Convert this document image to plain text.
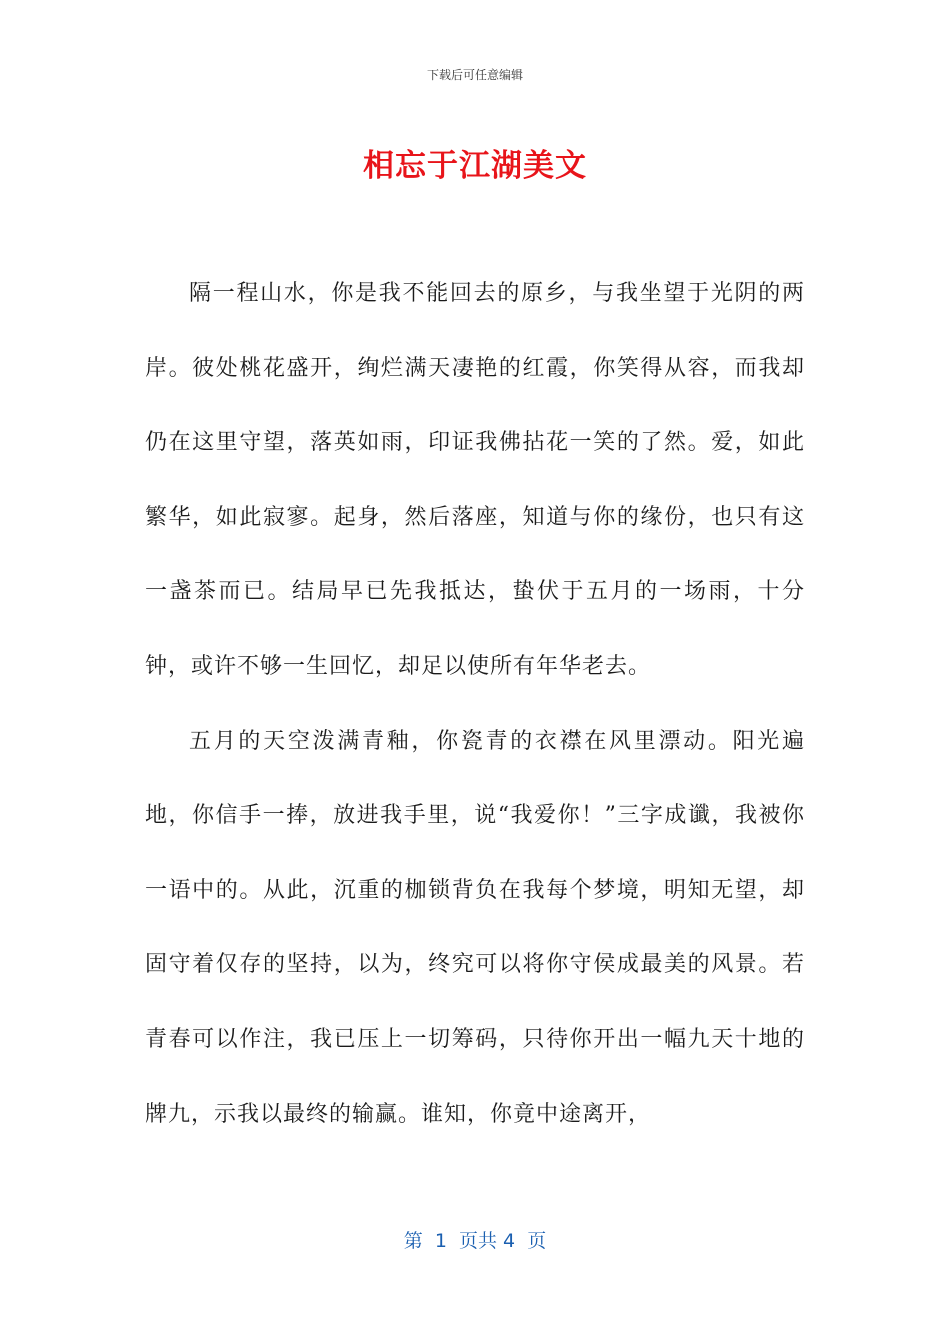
下载后可任意编辑
相忘于江湖美文

隔一程山水，你是我不能回去的原乡，与我坐望于光阴的两岸。彼处桃花盛开，绚烂满天凄艳的红霞，你笑得从容，而我却仍在这里守望，落英如雨，印证我佛拈花一笑的了然。爱，如此繁华，如此寂寥。起身，然后落座，知道与你的缘份，也只有这一盏茶而已。结局早已先我抵达，蛰伏于五月的一场雨，十分钟，或许不够一生回忆，却足以使所有年华老去。

五月的天空泼满青釉，你瓷青的衣襟在风里漂动。阳光遍地，你信手一捧，放进我手里，说“我爱你！”三字成谶，我被你一语中的。从此，沉重的枷锁背负在我每个梦境，明知无望，却固守着仅存的坚持，以为，终究可以将你守侯成最美的风景。若青春可以作注，我已压上一切筹码，只待你开出一幅九天十地的牌九，示我以最终的输赢。谁知，你竟中途离开，

第  1  页共 4  页
